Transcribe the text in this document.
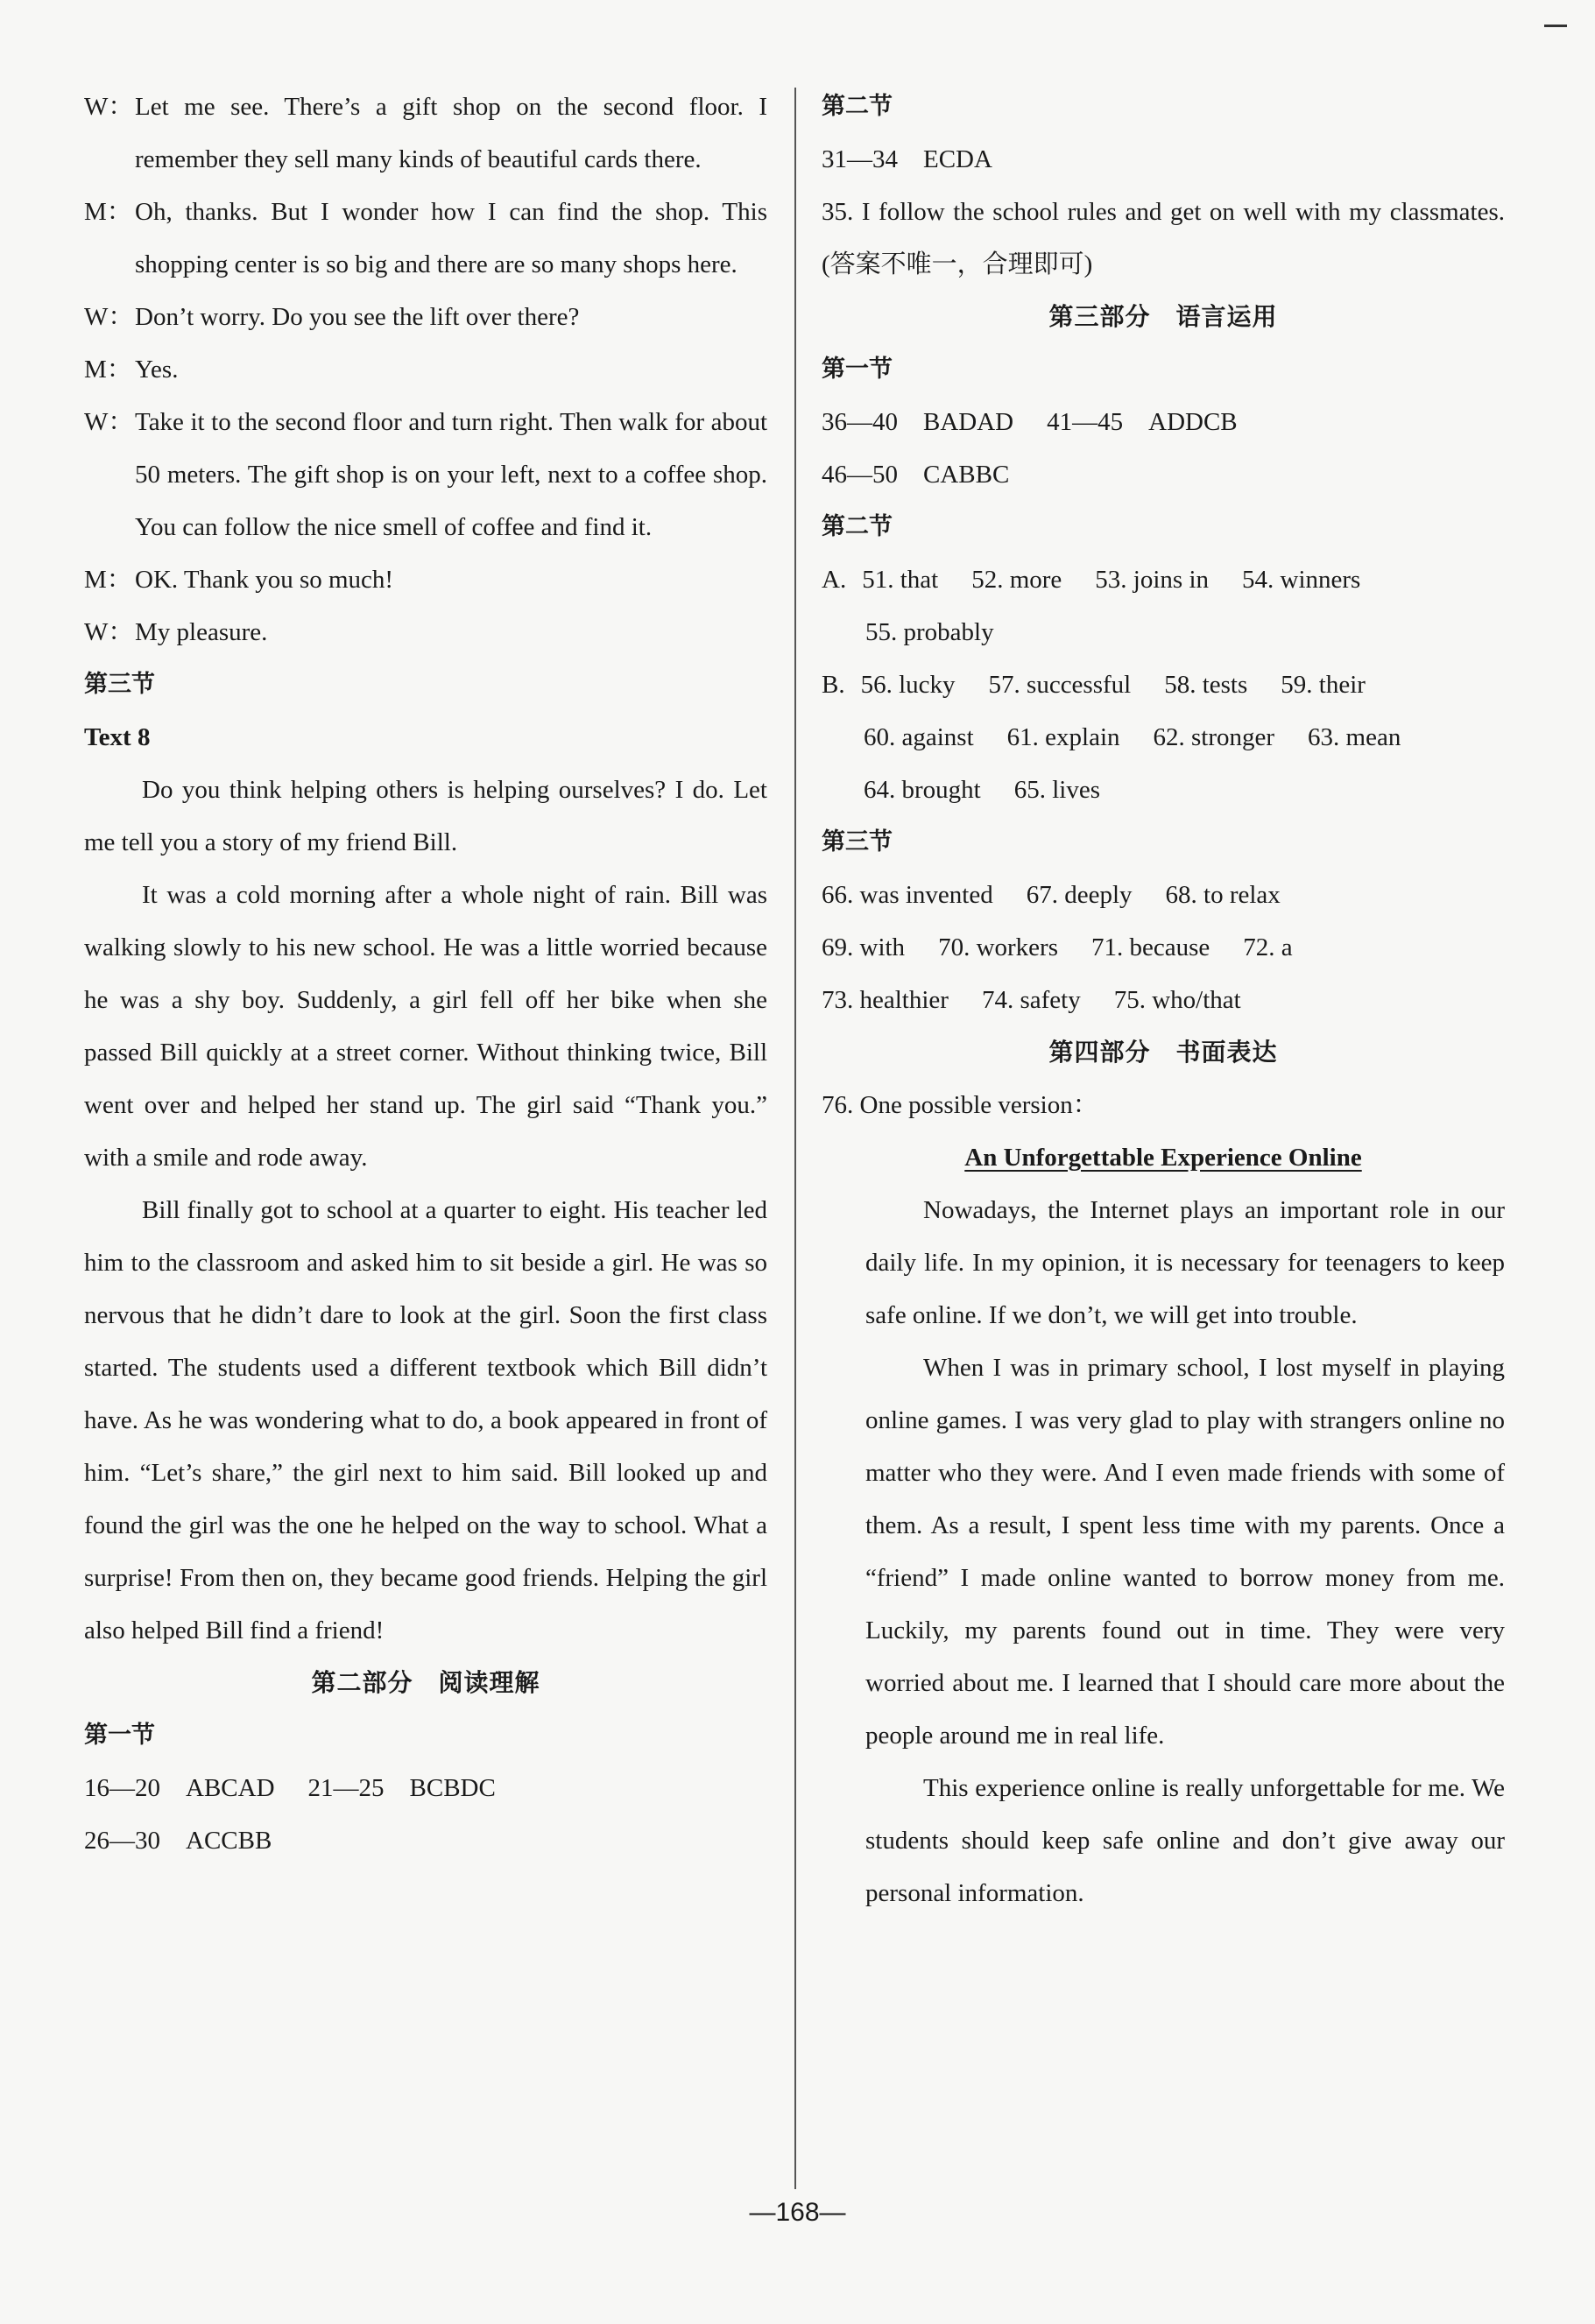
W： Let me see. There’s a gift shop on the second floor. I remember they sell many kinds of beautiful cards there.
M： Oh, thanks. But I wonder how I can find the shop. This shopping center is so big and there are so many shops here.
W： Don’t worry. Do you see the lift over there?
M： Yes.
W： Take it to the second floor and turn right. Then walk for about 50 meters. The gift shop is on your left, next to a coffee shop. You can follow the nice smell of coffee and find it.
M： OK. Thank you so much!
W： My pleasure.

第三节

Text 8

Do you think helping others is helping ourselves? I do. Let me tell you a story of my friend Bill.

It was a cold morning after a whole night of rain. Bill was walking slowly to his new school. He was a little worried because he was a shy boy. Suddenly, a girl fell off her bike when she passed Bill quickly at a street corner. Without thinking twice, Bill went over and helped her stand up. The girl said “Thank you.” with a smile and rode away.

Bill finally got to school at a quarter to eight. His teacher led him to the classroom and asked him to sit beside a girl. He was so nervous that he didn’t dare to look at the girl. Soon the first class started. The students used a different textbook which Bill didn’t have. As he was wondering what to do, a book appeared in front of him. “Let’s share,” the girl next to him said. Bill looked up and found the girl was the one he helped on the way to school. What a surprise! From then on, they became good friends. Helping the girl also helped Bill find a friend!

第二部分　阅读理解

第一节

16—20　ABCAD 21—25　BCBDC
26—30　ACCBB

第二节

31—34　ECDA

35. I follow the school rules and get on well with my classmates.(答案不唯一，合理即可)

第三部分　语言运用

第一节

36—40　BADAD 41—45　ADDCB
46—50　CABBC

第二节

A. 51. that 52. more 53. joins in 54. winners
55. probably
B. 56. lucky 57. successful 58. tests 59. their
60. against 61. explain 62. stronger 63. mean
64. brought 65. lives

第三节

66. was invented 67. deeply 68. to relax
69. with 70. workers 71. because 72. a
73. healthier 74. safety 75. who/that

第四部分　书面表达

76. One possible version：

An Unforgettable Experience Online

Nowadays, the Internet plays an important role in our daily life. In my opinion, it is necessary for teenagers to keep safe online. If we don’t, we will get into trouble.

When I was in primary school, I lost myself in playing online games. I was very glad to play with strangers online no matter who they were. And I even made friends with some of them. As a result, I spent less time with my parents. Once a “friend” I made online wanted to borrow money from me. Luckily, my parents found out in time. They were very worried about me. I learned that I should care more about the people around me in real life.

This experience online is really unforgettable for me. We students should keep safe online and don’t give away our personal information.

—168—
